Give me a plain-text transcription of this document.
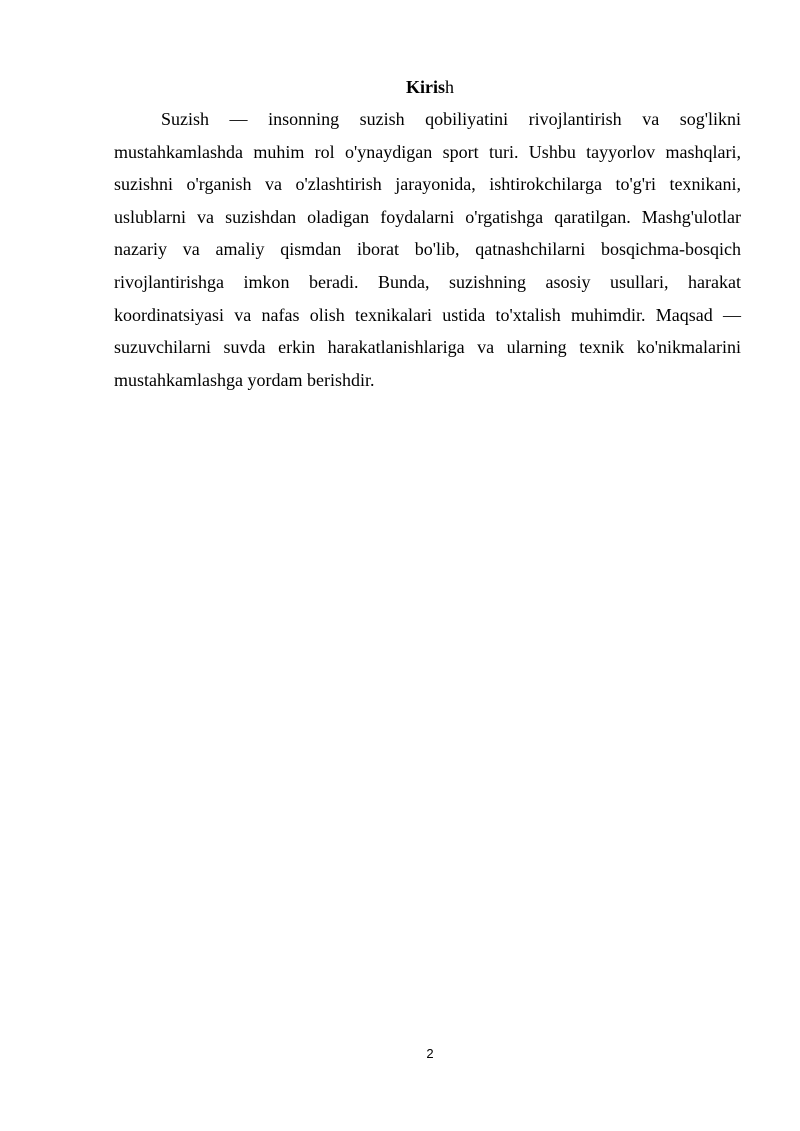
Kirish

Suzish — insonning suzish qobiliyatini rivojlantirish va sog'likni mustahkamlashda muhim rol o'ynaydigan sport turi. Ushbu tayyorlov mashqlari, suzishni o'rganish va o'zlashtirish jarayonida, ishtirokchilarga to'g'ri texnikani, uslublarni va suzishdan oladigan foydalarni o'rgatishga qaratilgan. Mashg'ulotlar nazariy va amaliy qismdan iborat bo'lib, qatnashchilarni bosqichma-bosqich rivojlantirishga imkon beradi. Bunda, suzishning asosiy usullari, harakat koordinatsiyasi va nafas olish texnikalari ustida to'xtalish muhimdir. Maqsad — suzuvchilarni suvda erkin harakatlanishlariga va ularning texnik ko'nikmalarini mustahkamlashga yordam berishdir.

2
